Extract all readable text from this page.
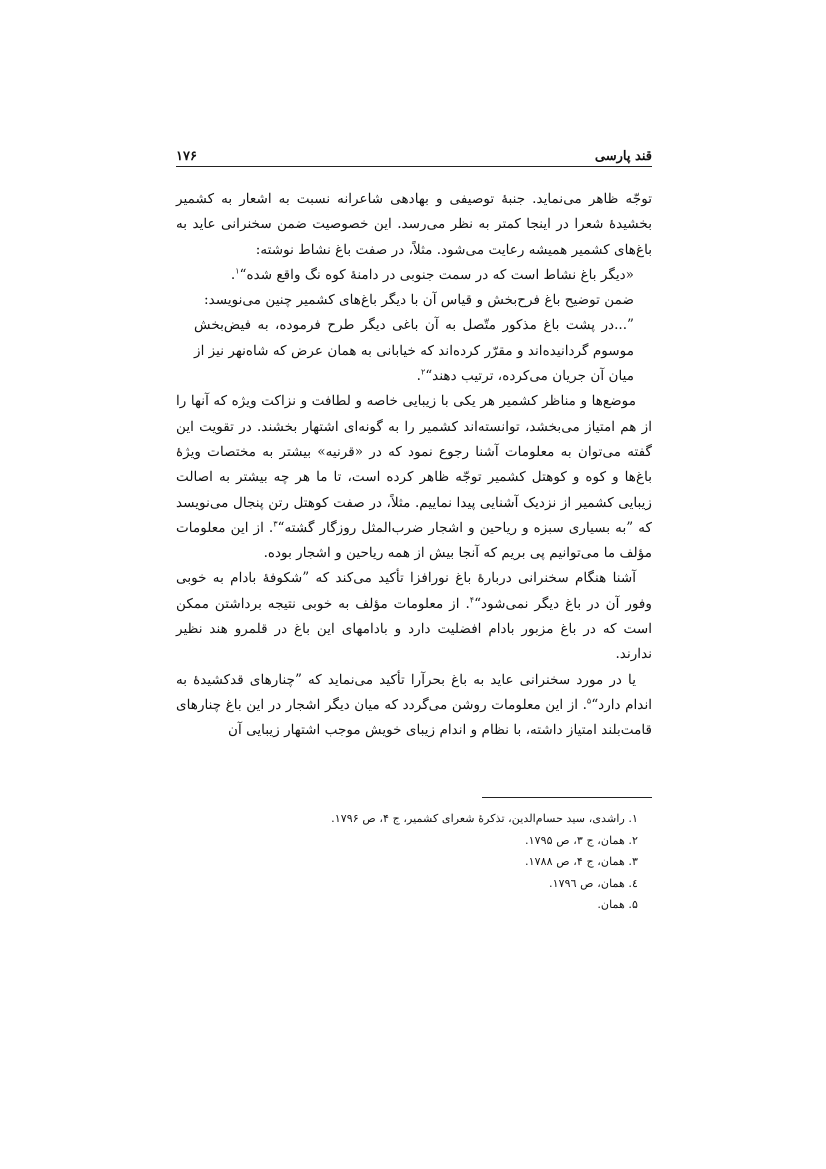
قند پارسی
۱۷۶

توجّه ظاهر می‌نماید. جنبهٔ توصیفی و بهادهی شاعرانه نسبت به اشعار به کشمیر بخشیدهٔ شعرا در اینجا کمتر به نظر می‌رسد. این خصوصیت ضمن سخنرانی عاید به باغ‌های کشمیر همیشه رعایت می‌شود. مثلاً، در صفت باغ نشاط نوشته:

«دیگر باغ نشاط است که در سمت جنوبی در دامنهٔ کوه نگ واقع شده“$^۱$.

ضمن توضیح باغ فرح‌بخش و قیاس آن با دیگر باغ‌های کشمیر چنین می‌نویسد:

”...در پشت باغ مذکور متّصل به آن باغی دیگر طرح فرموده، به فیض‌بخش موسوم گردانیده‌اند و مقرّر کرده‌اند که خیابانی به همان عرض که شاه‌نهر نیز از میان آن جریان می‌کرده، ترتیب دهند“$^۲$.

موضع‌ها و مناظر کشمیر هر یکی با زیبایی خاصه و لطافت و نزاکت ویژه که آنها را از هم امتیاز می‌بخشد، توانسته‌اند کشمیر را به گونه‌ای اشتهار بخشند. در تقویت این گفته می‌توان به معلومات آشنا رجوع نمود که در «قرنیه» بیشتر به مختصات ویژهٔ باغ‌ها و کوه و کوهتل کشمیر توجّه ظاهر کرده است، تا ما هر چه بیشتر به اصالت زیبایی کشمیر از نزدیک آشنایی پیدا نماییم. مثلاً، در صفت کوهتل رتن پنجال می‌نویسد که ”به بسیاری سبزه و ریاحین و اشجار ضرب‌المثل روزگار گشته“$^۳$. از این معلومات مؤلف ما می‌توانیم پی بریم که آنجا بیش از همه ریاحین و اشجار بوده.

آشنا هنگام سخنرانی دربارهٔ باغ نورافزا تأکید می‌کند که ”شکوفهٔ بادام به خوبی وفور آن در باغ دیگر نمی‌شود“$^۴$. از معلومات مؤلف به خوبی نتیجه برداشتن ممکن است که در باغ مزبور بادام افضلیت دارد و بادامهای این باغ در قلمرو هند نظیر ندارند.

یا در مورد سخنرانی عاید به باغ بحرآرا تأکید می‌نماید که ”چنارهای قدکشیدهٔ به اندام دارد“$^۵$. از این معلومات روشن می‌گردد که میان دیگر اشجار در این باغ چنارهای قامت‌بلند امتیاز داشته، با نظام و اندام زیبای خویش موجب اشتهار زیبایی آن

۱. راشدی، سید حسام‌الدین، تذکرهٔ شعرای کشمیر، ج ۴، ص ۱۷۹۶.
۲. همان، ج ۳، ص ۱۷۹۵.
۳. همان، ج ۴، ص ۱۷۸۸.
٤. همان، ص ۱۷۹٦.
۵. همان.
